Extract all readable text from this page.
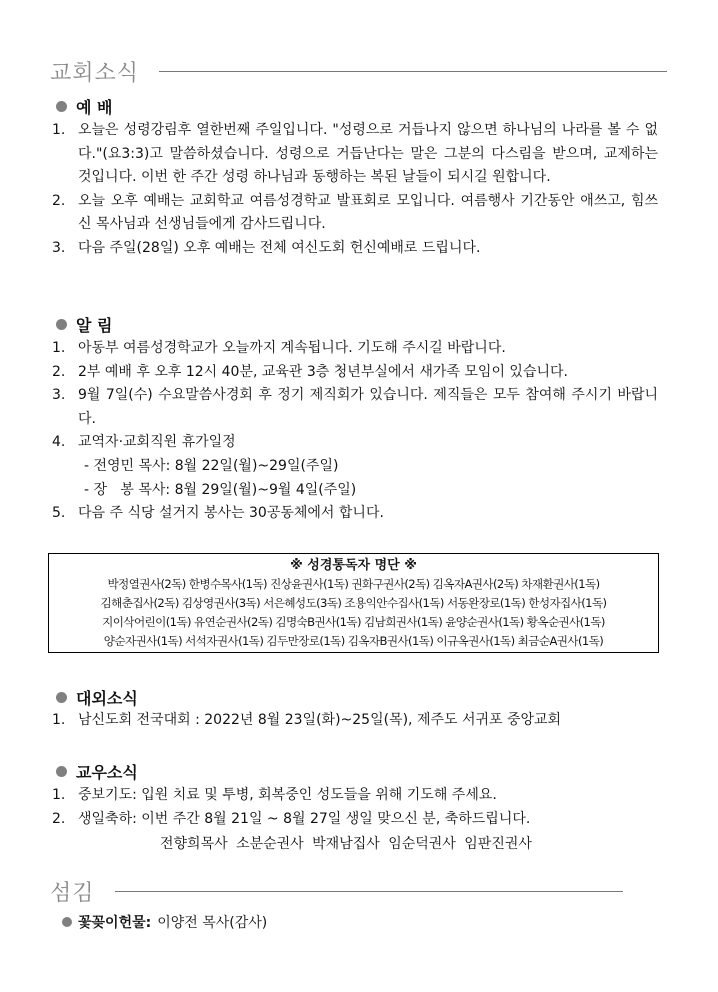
교회소식
예 배
1. 오늘은 성령강림후 열한번째 주일입니다. "성령으로 거듭나지 않으면 하나님의 나라를 볼 수 없다."(요3:3)고 말씀하셨습니다. 성령으로 거듭난다는 말은 그분의 다스림을 받으며, 교제하는 것입니다. 이번 한 주간 성령 하나님과 동행하는 복된 날들이 되시길 원합니다.
2. 오늘 오후 예배는 교회학교 여름성경학교 발표회로 모입니다. 여름행사 기간동안 애쓰고, 힘쓰신 목사님과 선생님들에게 감사드립니다.
3. 다음 주일(28일) 오후 예배는 전체 여신도회 헌신예배로 드립니다.
알 림
1. 아동부 여름성경학교가 오늘까지 계속됩니다. 기도해 주시길 바랍니다.
2. 2부 예배 후 오후 12시 40분, 교육관 3층 청년부실에서 새가족 모임이 있습니다.
3. 9월 7일(수) 수요말씀사경회 후 정기 제직회가 있습니다. 제직들은 모두 참여해 주시기 바랍니다.
4. 교역자·교회직원 휴가일정
- 전영민 목사: 8월 22일(월)~29일(주일)
- 장   봉 목사: 8월 29일(월)~9월 4일(주일)
5. 다음 주 식당 설거지 봉사는 30공동체에서 합니다.
※ 성경통독자 명단 ※
박정열권사(2독) 한병수목사(1독) 진상윤권사(1독) 권화구권사(2독) 김옥자A권사(2독) 차재환권사(1독)
김해춘집사(2독) 김상영권사(3독) 서은혜성도(3독) 조용익안수집사(1독) 서동완장로(1독) 한성자집사(1독)
지이삭어린이(1독) 유연순권사(2독) 김명숙B권사(1독) 김남희권사(1독) 윤양순권사(1독) 황옥순권사(1독)
양순자권사(1독) 서석자권사(1독) 김두만장로(1독) 김옥자B권사(1독) 이규옥권사(1독) 최금순A권사(1독)
대외소식
1. 남신도회 전국대회 : 2022년 8월 23일(화)~25일(목), 제주도 서귀포 중앙교회
교우소식
1. 중보기도: 입원 치료 및 투병, 회복중인 성도들을 위해 기도해 주세요.
2. 생일축하: 이번 주간 8월 21일 ~ 8월 27일 생일 맞으신 분, 축하드립니다.
전향희목사 소분순권사 박재남집사 임순덕권사 임판진권사
섬김
꽃꽂이헌물: 이양전 목사(감사)
